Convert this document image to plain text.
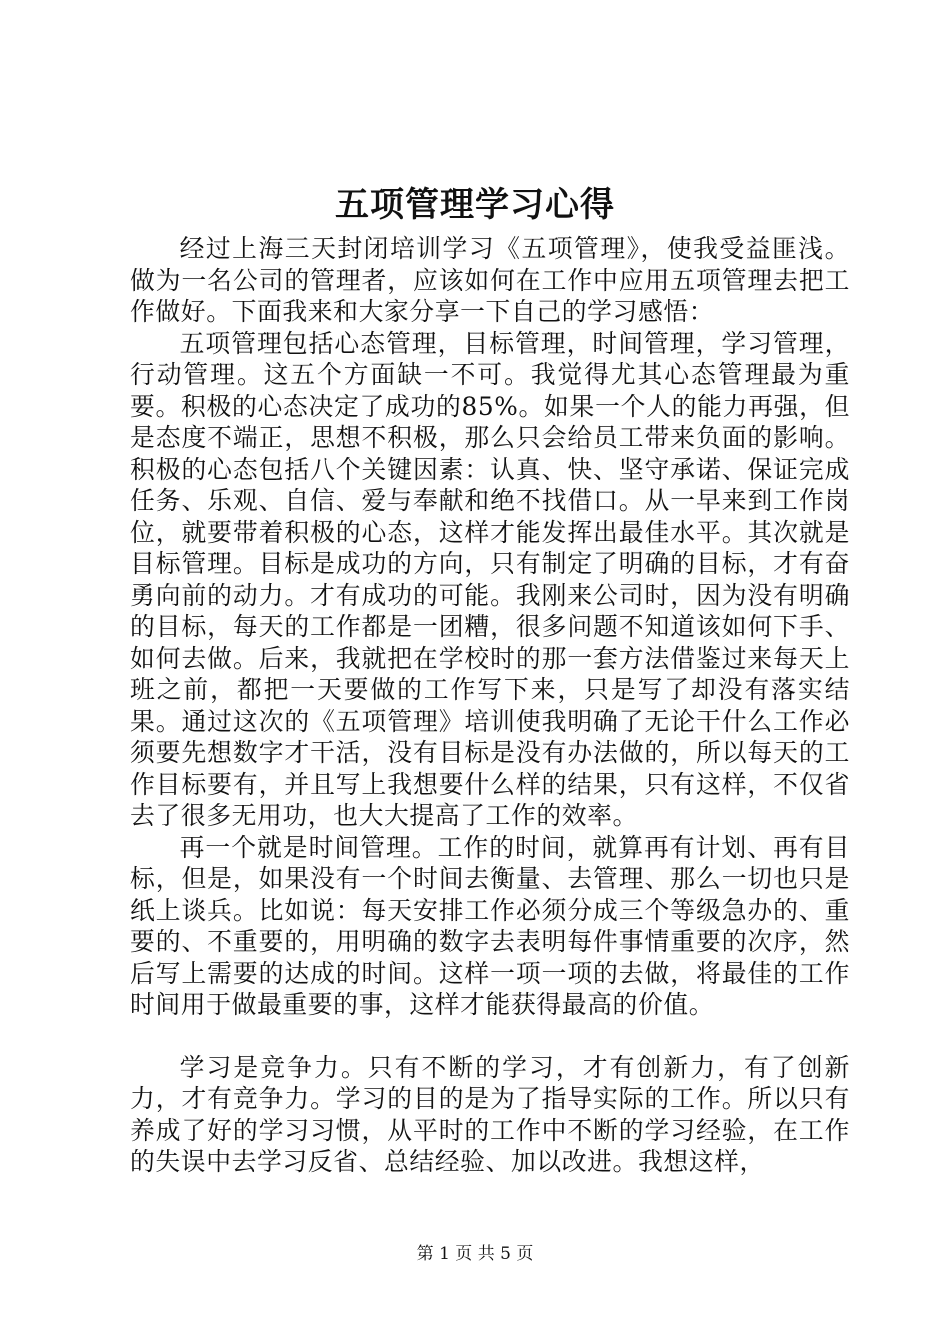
五项管理学习心得

经过上海三天封闭培训学习《五项管理》，使我受益匪浅。做为一名公司的管理者，应该如何在工作中应用五项管理去把工作做好。下面我来和大家分享一下自己的学习感悟：

五项管理包括心态管理，目标管理，时间管理，学习管理，行动管理。这五个方面缺一不可。我觉得尤其心态管理最为重要。积极的心态决定了成功的85%。如果一个人的能力再强，但是态度不端正，思想不积极，那么只会给员工带来负面的影响。积极的心态包括八个关键因素：认真、快、坚守承诺、保证完成任务、乐观、自信、爱与奉献和绝不找借口。从一早来到工作岗位，就要带着积极的心态，这样才能发挥出最佳水平。其次就是目标管理。目标是成功的方向，只有制定了明确的目标，才有奋勇向前的动力。才有成功的可能。我刚来公司时，因为没有明确的目标，每天的工作都是一团糟，很多问题不知道该如何下手、如何去做。后来，我就把在学校时的那一套方法借鉴过来每天上班之前，都把一天要做的工作写下来，只是写了却没有落实结果。通过这次的《五项管理》培训使我明确了无论干什么工作必须要先想数字才干活，没有目标是没有办法做的，所以每天的工作目标要有，并且写上我想要什么样的结果，只有这样，不仅省去了很多无用功，也大大提高了工作的效率。

再一个就是时间管理。工作的时间，就算再有计划、再有目标，但是，如果没有一个时间去衡量、去管理、那么一切也只是纸上谈兵。比如说：每天安排工作必须分成三个等级急办的、重要的、不重要的，用明确的数字去表明每件事情重要的次序，然后写上需要的达成的时间。这样一项一项的去做，将最佳的工作时间用于做最重要的事，这样才能获得最高的价值。

学习是竞争力。只有不断的学习，才有创新力，有了创新力，才有竞争力。学习的目的是为了指导实际的工作。所以只有养成了好的学习习惯，从平时的工作中不断的学习经验，在工作的失误中去学习反省、总结经验、加以改进。我想这样，

第 1 页 共 5 页
